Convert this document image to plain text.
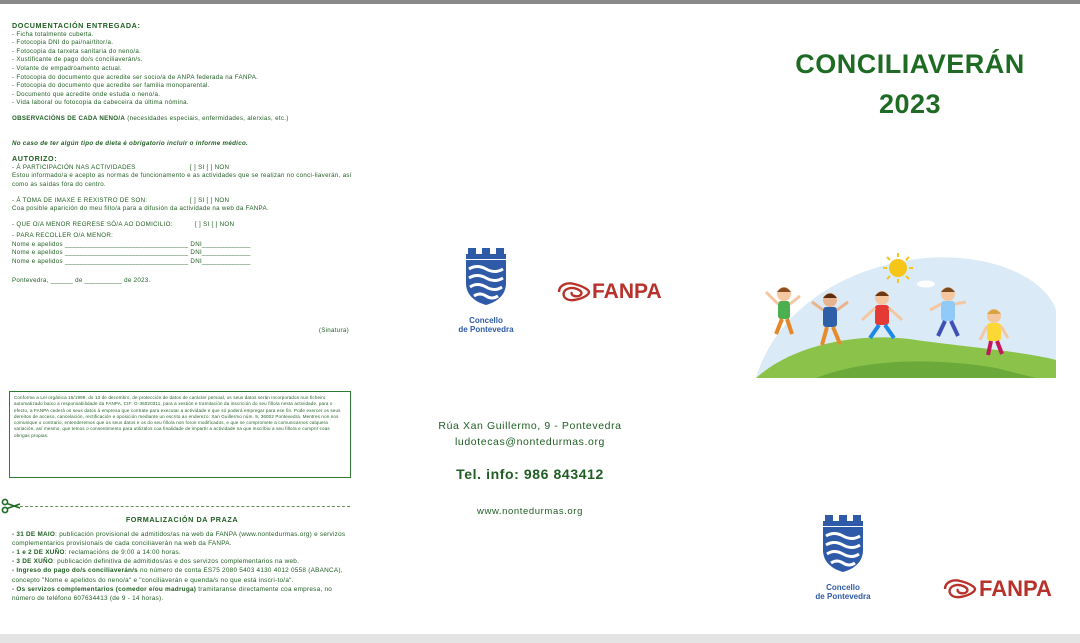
DOCUMENTACIÓN ENTREGADA:

- Ficha totalmente cuberta.

- Fotocopia DNI do pai/nai/titor/a.

- Fotocopia da tarxeta sanitaria do neno/a.

- Xustificante de pago do/s conciliaverán/s.

- Volante de empadroamento actual.

- Fotocopia do documento que acredite ser socio/a de ANPA federada na FANPA.

- Fotocopia do documento que acredite ser familia monoparental.

- Documento que acredite onde estuda o neno/a.

- Vida laboral ou fotocopia da cabeceira da última nómina.

OBSERVACIÓNS DE CADA NENO/A (necesidades especiais, enfermidades, alerxias, etc.)

No caso de ter algún tipo de dieta é obrigatorio incluír o informe médico.

AUTORIZO:

- Á PARTICIPACIÓN NAS ACTIVIDADES	[ ] SI [ ] NON

Estou informado/a e acepto as normas de funcionamento e as actividades que se realizan no conci-liaverán, así como as saídas fóra do centro.

- Á TOMA DE IMAXE E REXISTRO DE SON:	[ ] SI [ ] NON

Coa posible aparición do meu fillo/a para a difusión da actividade na web da FANPA.

- QUE O/A MENOR REGRESE SÓ/A AO DOMICILIO:	[ ] SI [ ] NON

- PARA RECOLLER O/A MENOR:

Nome e apelidos _________________________________ DNI_____________

Nome e apelidos _________________________________ DNI_____________

Nome e apelidos _________________________________ DNI_____________

Pontevedra, ______ de __________ de 2023.

(Sinatura)

Conforme a Lei orgánica 15/1999, do 13 de decembro, de protección de datos de carácter persoal, os seus datos serán incorporados nun ficheiro automatizado baixo a responsabilidade da FANPA, CIF: G-36020311, para a xestión e tramitación da inscrición do seu fillo/a nesta actividade, para o efecto, a FANPA cederá os seus datos á empresa que contrate para executar a actividade e que só poderá empregar para ese fin. Pode exercer os seus dereitos de acceso, cancelación, rectificación e oposición mediante un escrito ao enderezo: Xan Guillermo núm. 9, 36002 Pontevedra. Mentres non nos comunique o contrario, entenderemos que os seus datos e os do seu fillo/a non foron modificados, e que se compromete a comunicarnos calquera variación, así mesmo, que temos o consentimento para utilizalos coa finalidade de impartir a actividade na que inscribiu a seu fillo/a e cumprir coas obrigas propias.

FORMALIZACIÓN DA PRAZA

- 31 DE MAIO: publicación provisional de admitidos/as na web da FANPA (www.nontedurmas.org) e servizos complementarios provisionais de cada conciliaverán na web da FANPA.

- 1 e 2 DE XUÑO: reclamacións de 9:00 a 14:00 horas.

- 3 DE XUÑO: publicación definitiva de admitidos/as e dos servizos complementarios na web.

- Ingreso do pago do/s conciliaverán/s no número de conta ES75 2080 5403 4130 4012 0558 (ABANCA), concepto "Nome e apelidos do neno/a" e "conciliaverán e quenda/s no que está inscri-to/a".

- Os servizos complementarios (comedor e/ou madruga) tramitaranse directamente coa empresa, no número de teléfono 607634413 (de 9 - 14 horas).

Concello
de Pontevedra
FANPA
Rúa Xan Guillermo, 9 - Pontevedra
ludotecas@nontedurmas.org
Tel. info: 986 843412
www.nontedurmas.org
CONCILIAVERÁN
2023
Concello
de Pontevedra	FANPA
